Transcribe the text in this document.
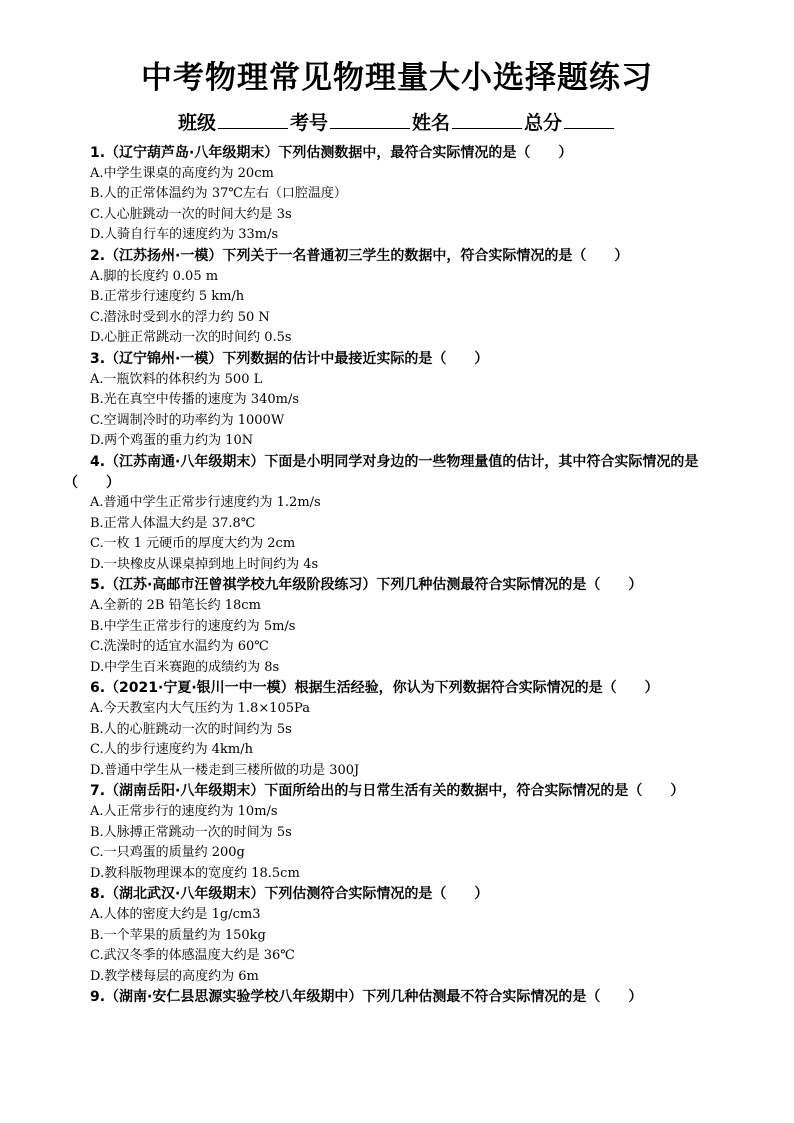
中考物理常见物理量大小选择题练习
班级	考号	姓名	总分
1.（辽宁葫芦岛·八年级期末）下列估测数据中，最符合实际情况的是（　　）
A.中学生课桌的高度约为 20cm
B.人的正常体温约为 37℃左右（口腔温度）
C.人心脏跳动一次的时间大约是 3s
D.人骑自行车的速度约为 33m/s
2.（江苏扬州·一模）下列关于一名普通初三学生的数据中，符合实际情况的是（　　）
A.脚的长度约 0.05 m
B.正常步行速度约 5 km/h
C.潜泳时受到水的浮力约 50 N
D.心脏正常跳动一次的时间约 0.5s
3.（辽宁锦州·一模）下列数据的估计中最接近实际的是（　　）
A.一瓶饮料的体积约为 500 L
B.光在真空中传播的速度为 340m/s
C.空调制冷时的功率约为 1000W
D.两个鸡蛋的重力约为 10N
4.（江苏南通·八年级期末）下面是小明同学对身边的一些物理量值的估计，其中符合实际情况的是（　　）
A.普通中学生正常步行速度约为 1.2m/s
B.正常人体温大约是 37.8℃
C.一枚 1 元硬币的厚度大约为 2cm
D.一块橡皮从课桌掉到地上时间约为 4s
5.（江苏·高邮市汪曾祺学校九年级阶段练习）下列几种估测最符合实际情况的是（　　）
A.全新的 2B 铅笔长约 18cm
B.中学生正常步行的速度约为 5m/s
C.洗澡时的适宜水温约为 60℃
D.中学生百米赛跑的成绩约为 8s
6.（2021·宁夏·银川一中一模）根据生活经验，你认为下列数据符合实际情况的是（　　）
A.今天教室内大气压约为 1.8×105Pa
B.人的心脏跳动一次的时间约为 5s
C.人的步行速度约为 4km/h
D.普通中学生从一楼走到三楼所做的功是 300J
7.（湖南岳阳·八年级期末）下面所给出的与日常生活有关的数据中，符合实际情况的是（　　）
A.人正常步行的速度约为 10m/s
B.人脉搏正常跳动一次的时间为 5s
C.一只鸡蛋的质量约 200g
D.教科版物理课本的宽度约 18.5cm
8.（湖北武汉·八年级期末）下列估测符合实际情况的是（　　）
A.人体的密度大约是 1g/cm3
B.一个苹果的质量约为 150kg
C.武汉冬季的体感温度大约是 36℃
D.教学楼每层的高度约为 6m
9.（湖南·安仁县思源实验学校八年级期中）下列几种估测最不符合实际情况的是（　　）
